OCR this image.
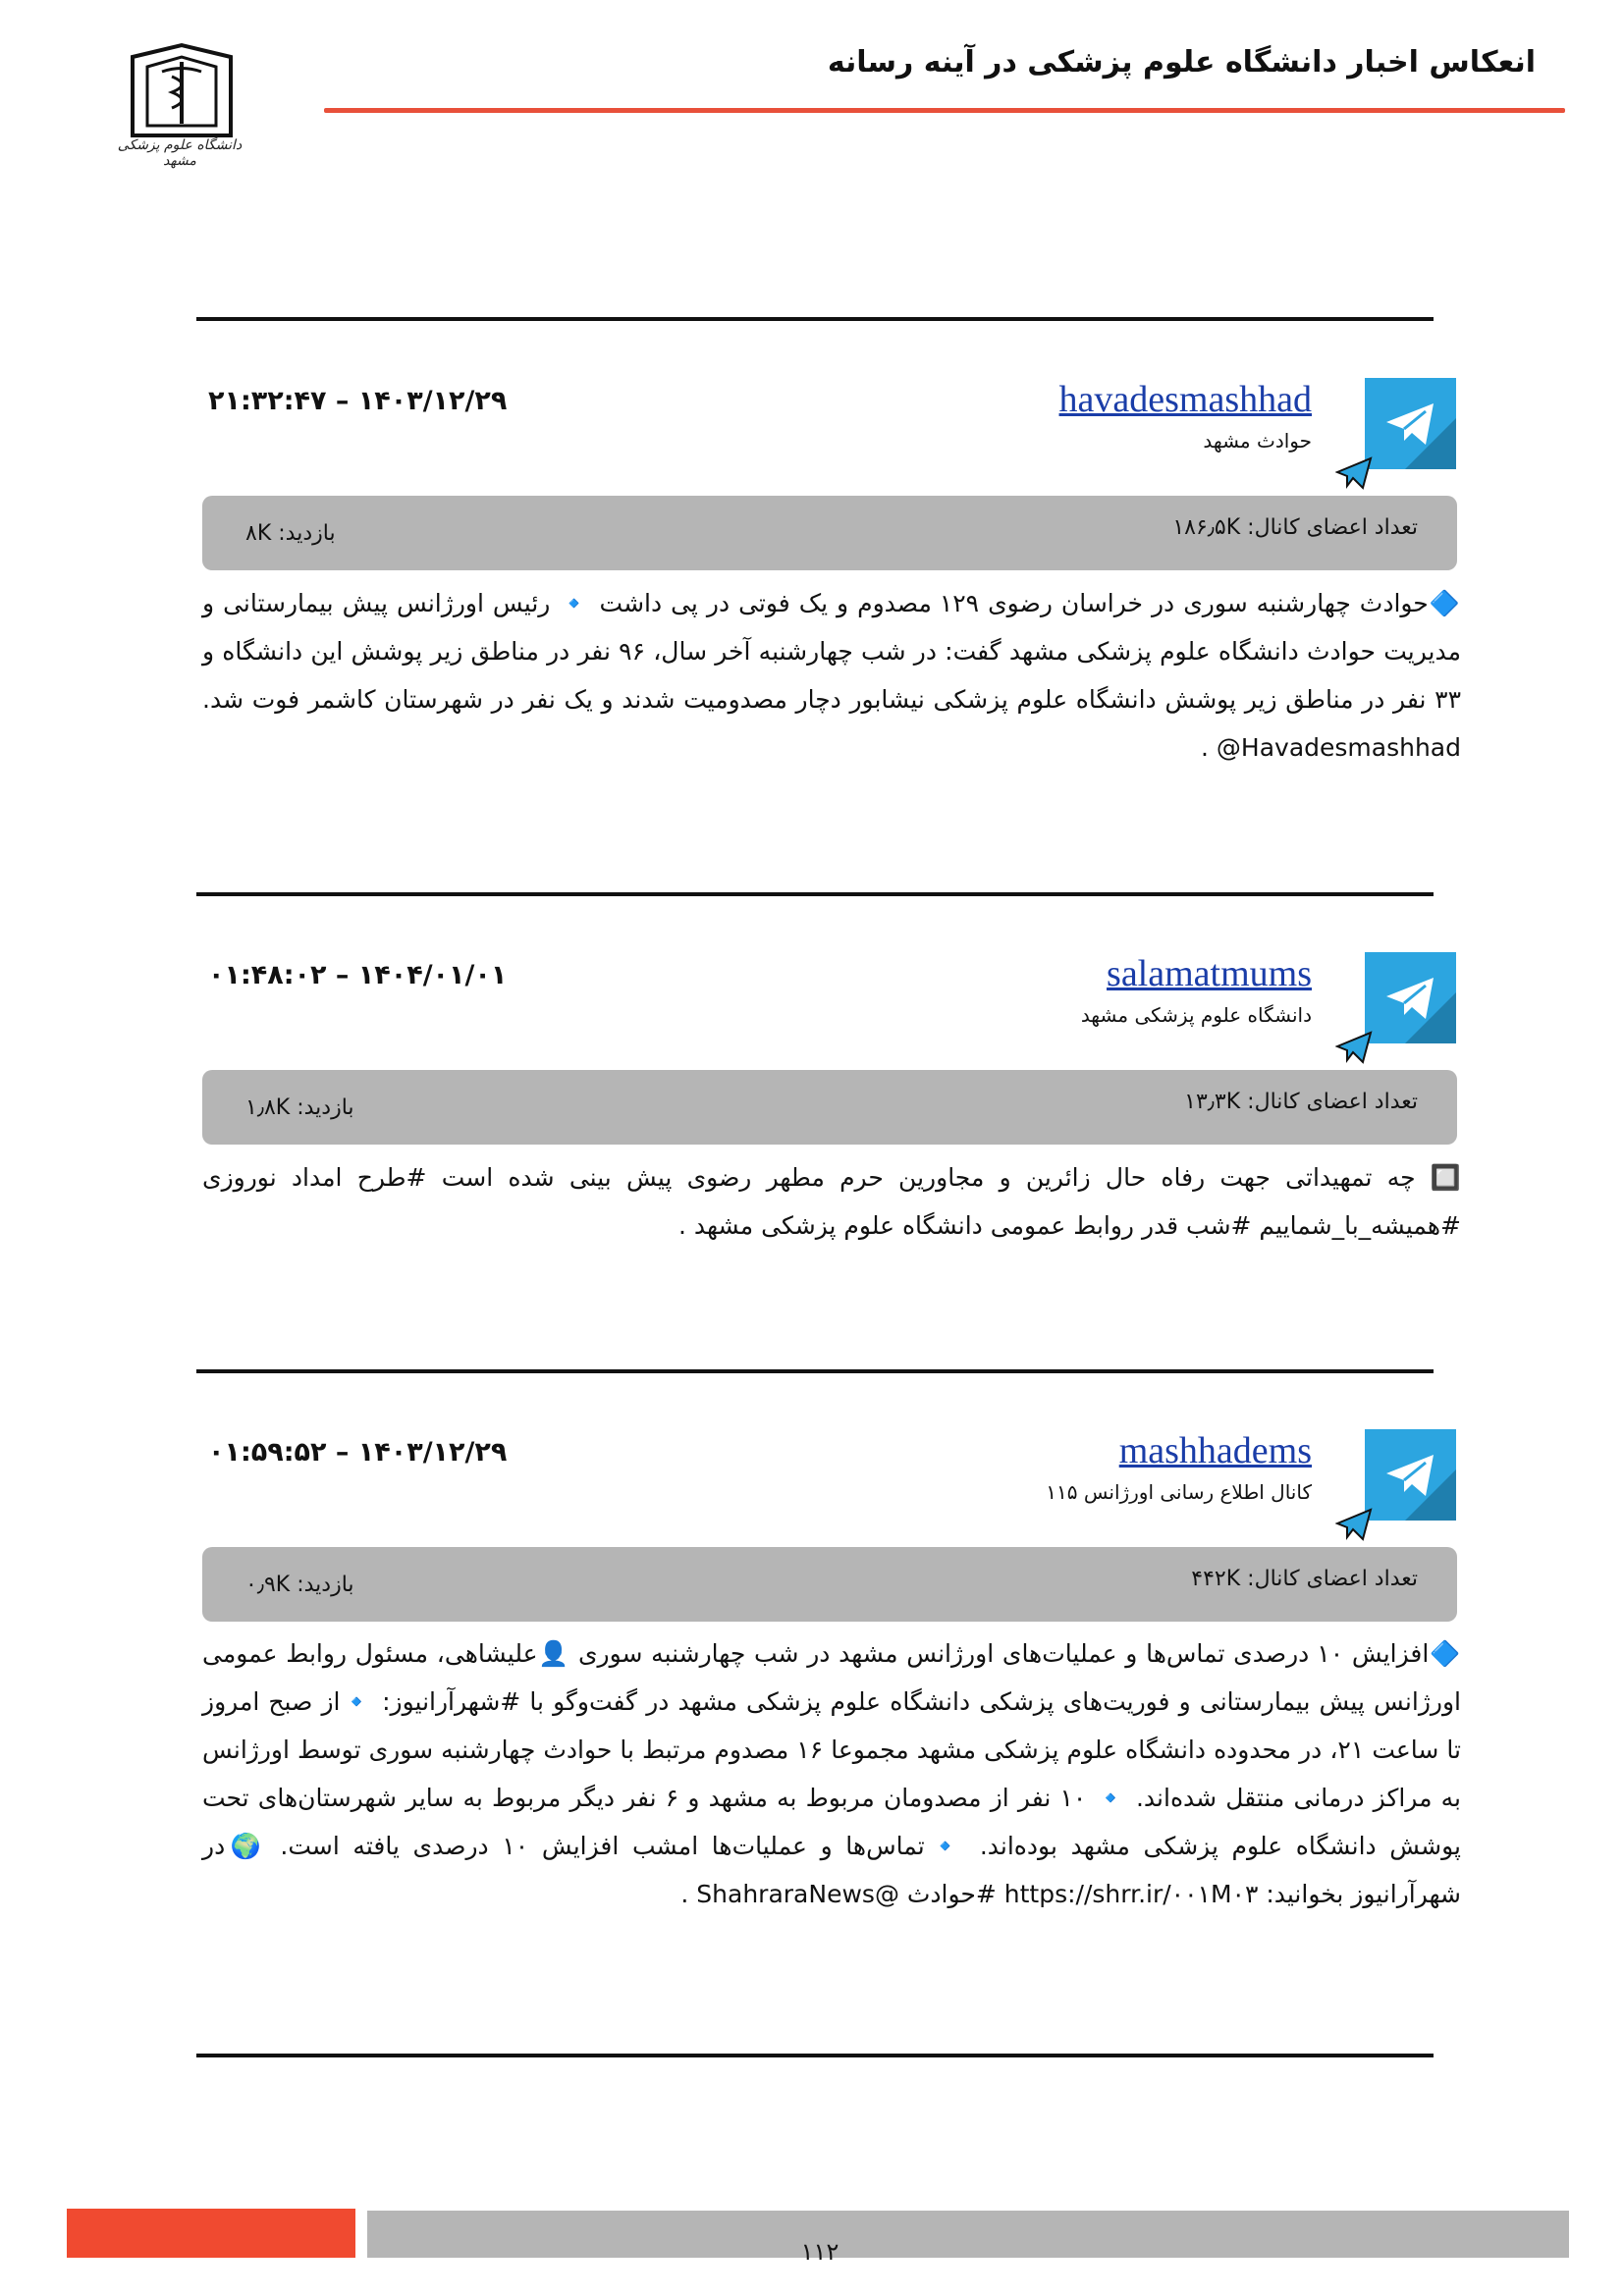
دانشگاه علوم پزشکی مشهد
انعکاس اخبار دانشگاه علوم پزشکی در آینه رسانه
havadesmashhad
حوادث مشهد
۲۱:۳۲:۴۷ – ۱۴۰۳/۱۲/۲۹
تعداد اعضای کانال: ۱۸۶٫۵K
بازدید: ۸K
🔷حوادث چهارشنبه سوری در خراسان رضوی ۱۲۹ مصدوم و یک فوتی در پی داشت 🔹 رئیس اورژانس پیش بیمارستانی و مدیریت حوادث دانشگاه علوم پزشکی مشهد گفت: در شب چهارشنبه آخر سال، ۹۶ نفر در مناطق زیر پوشش این دانشگاه و ۳۳ نفر در مناطق زیر پوشش دانشگاه علوم پزشکی نیشابور دچار مصدومیت شدند و یک نفر در شهرستان کاشمر فوت شد. Havadesmashhad@ .
salamatmums
دانشگاه علوم پزشکی مشهد
۰۱:۴۸:۰۲ – ۱۴۰۴/۰۱/۰۱
تعداد اعضای کانال: ۱۳٫۳K
بازدید: ۱٫۸K
🔲 چه تمهیداتی جهت رفاه حال زائرین و مجاورین حرم مطهر رضوی پیش بینی شده است #طرح امداد نوروزی #همیشه_با_شماییم #شب قدر روابط عمومی دانشگاه علوم پزشکی مشهد .
mashhadems
کانال اطلاع رسانی اورژانس ۱۱۵
۰۱:۵۹:۵۲ – ۱۴۰۳/۱۲/۲۹
تعداد اعضای کانال: ۴۴۲K
بازدید: ۰٫۹K
🔷افزایش ۱۰ درصدی تماس‌ها و عملیات‌های اورژانس مشهد در شب چهارشنبه سوری 👤علیشاهی، مسئول روابط عمومی اورژانس پیش بیمارستانی و فوریت‌های پزشکی دانشگاه علوم پزشکی مشهد در گفت‌وگو با #شهرآرانیوز: 🔹از صبح امروز تا ساعت ۲۱، در محدوده دانشگاه علوم پزشکی مشهد مجموعا ۱۶ مصدوم مرتبط با حوادث چهارشنبه سوری توسط اورژانس به مراکز درمانی منتقل شده‌اند. 🔹 ۱۰ نفر از مصدومان مربوط به مشهد و ۶ نفر دیگر مربوط به سایر شهرستان‌های تحت پوشش دانشگاه علوم پزشکی مشهد بوده‌اند. 🔹تماس‌ها و عملیات‌ها امشب افزایش ۱۰ درصدی یافته است. 🌍در شهرآرانیوز بخوانید: https://shrr.ir/۰۰۱M۰۳ #حوادث @ShahraraNews .
۱۱۲
